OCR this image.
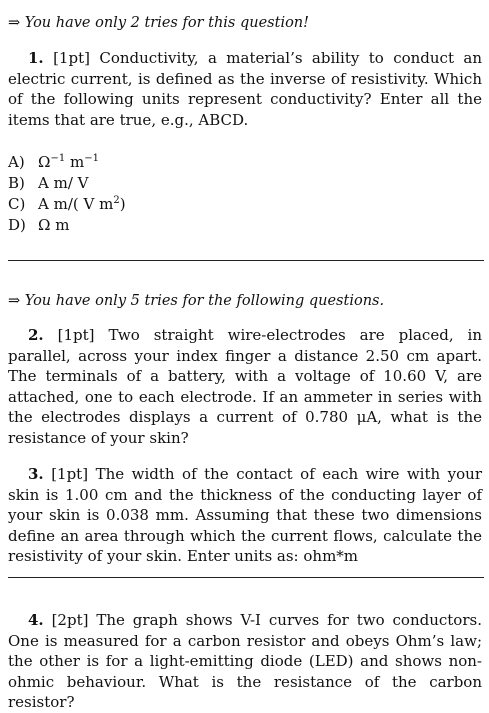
⇒ You have only 2 tries for this question!

1. [1pt] Conductivity, a material’s ability to conduct an electric current, is defined as the inverse of resistivity. Which of the following units represent conductivity? Enter all the items that are true, e.g., ABCD.

A) $\Omega^{-1}$ $m^{-1}$
B) A m/ V
C) A m/( V $m^2$)
D) Ω m
⇒ You have only 5 tries for the following questions.

2. [1pt] Two straight wire-electrodes are placed, in parallel, across your index finger a distance 2.50 cm apart. The terminals of a battery, with a voltage of 10.60 V, are attached, one to each electrode. If an ammeter in series with the electrodes displays a current of 0.780 μA, what is the resistance of your skin?

3. [1pt] The width of the contact of each wire with your skin is 1.00 cm and the thickness of the conducting layer of your skin is 0.038 mm. Assuming that these two dimensions define an area through which the current flows, calculate the resistivity of your skin. Enter units as: ohm*m

4. [2pt] The graph shows V-I curves for two conductors. One is measured for a carbon resistor and obeys Ohm’s law; the other is for a light-emitting diode (LED) and shows non-ohmic behaviour. What is the resistance of the carbon resistor?
